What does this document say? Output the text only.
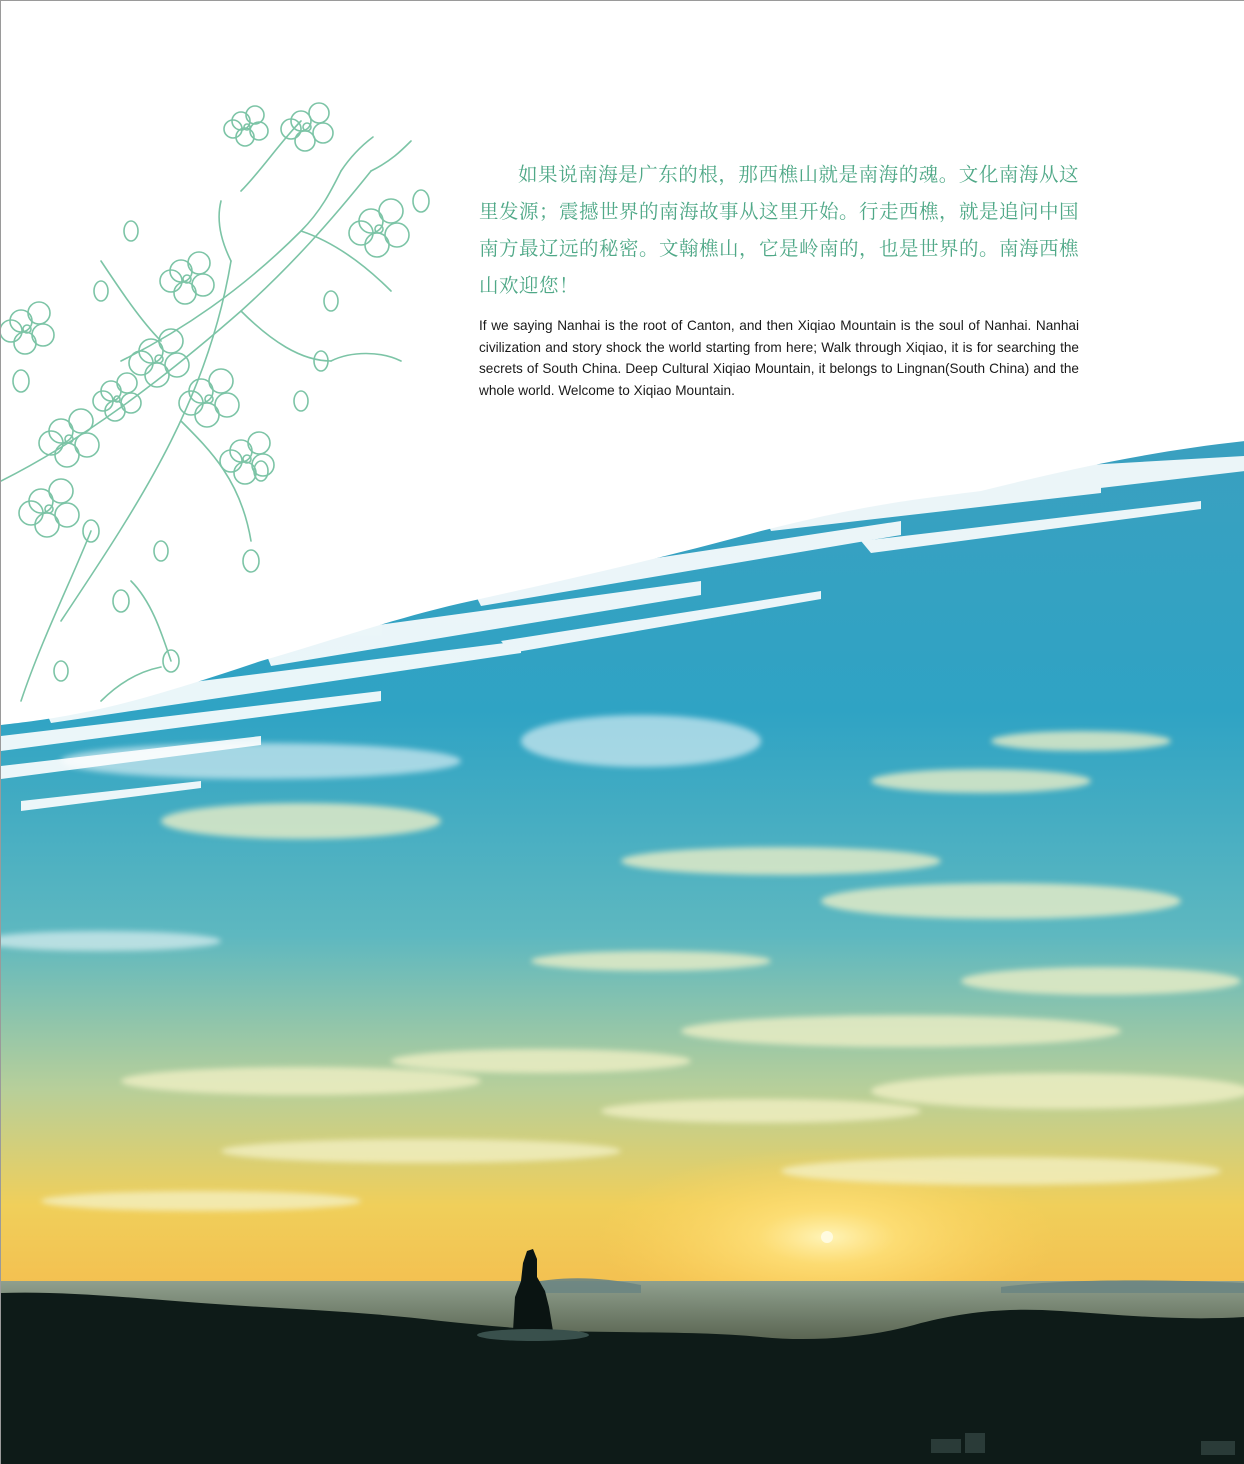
如果说南海是广东的根，那西樵山就是南海的魂。文化南海从这里发源；震撼世界的南海故事从这里开始。行走西樵，就是追问中国南方最辽远的秘密。文翰樵山，它是岭南的，也是世界的。南海西樵山欢迎您！

If we saying Nanhai is the root of Canton, and then Xiqiao Mountain is the soul of Nanhai. Nanhai civilization and story shock the world starting from here; Walk through Xiqiao, it is for searching the secrets of South China. Deep Cultural Xiqiao Mountain, it belongs to Lingnan(South China) and the whole world. Welcome to Xiqiao Mountain.
